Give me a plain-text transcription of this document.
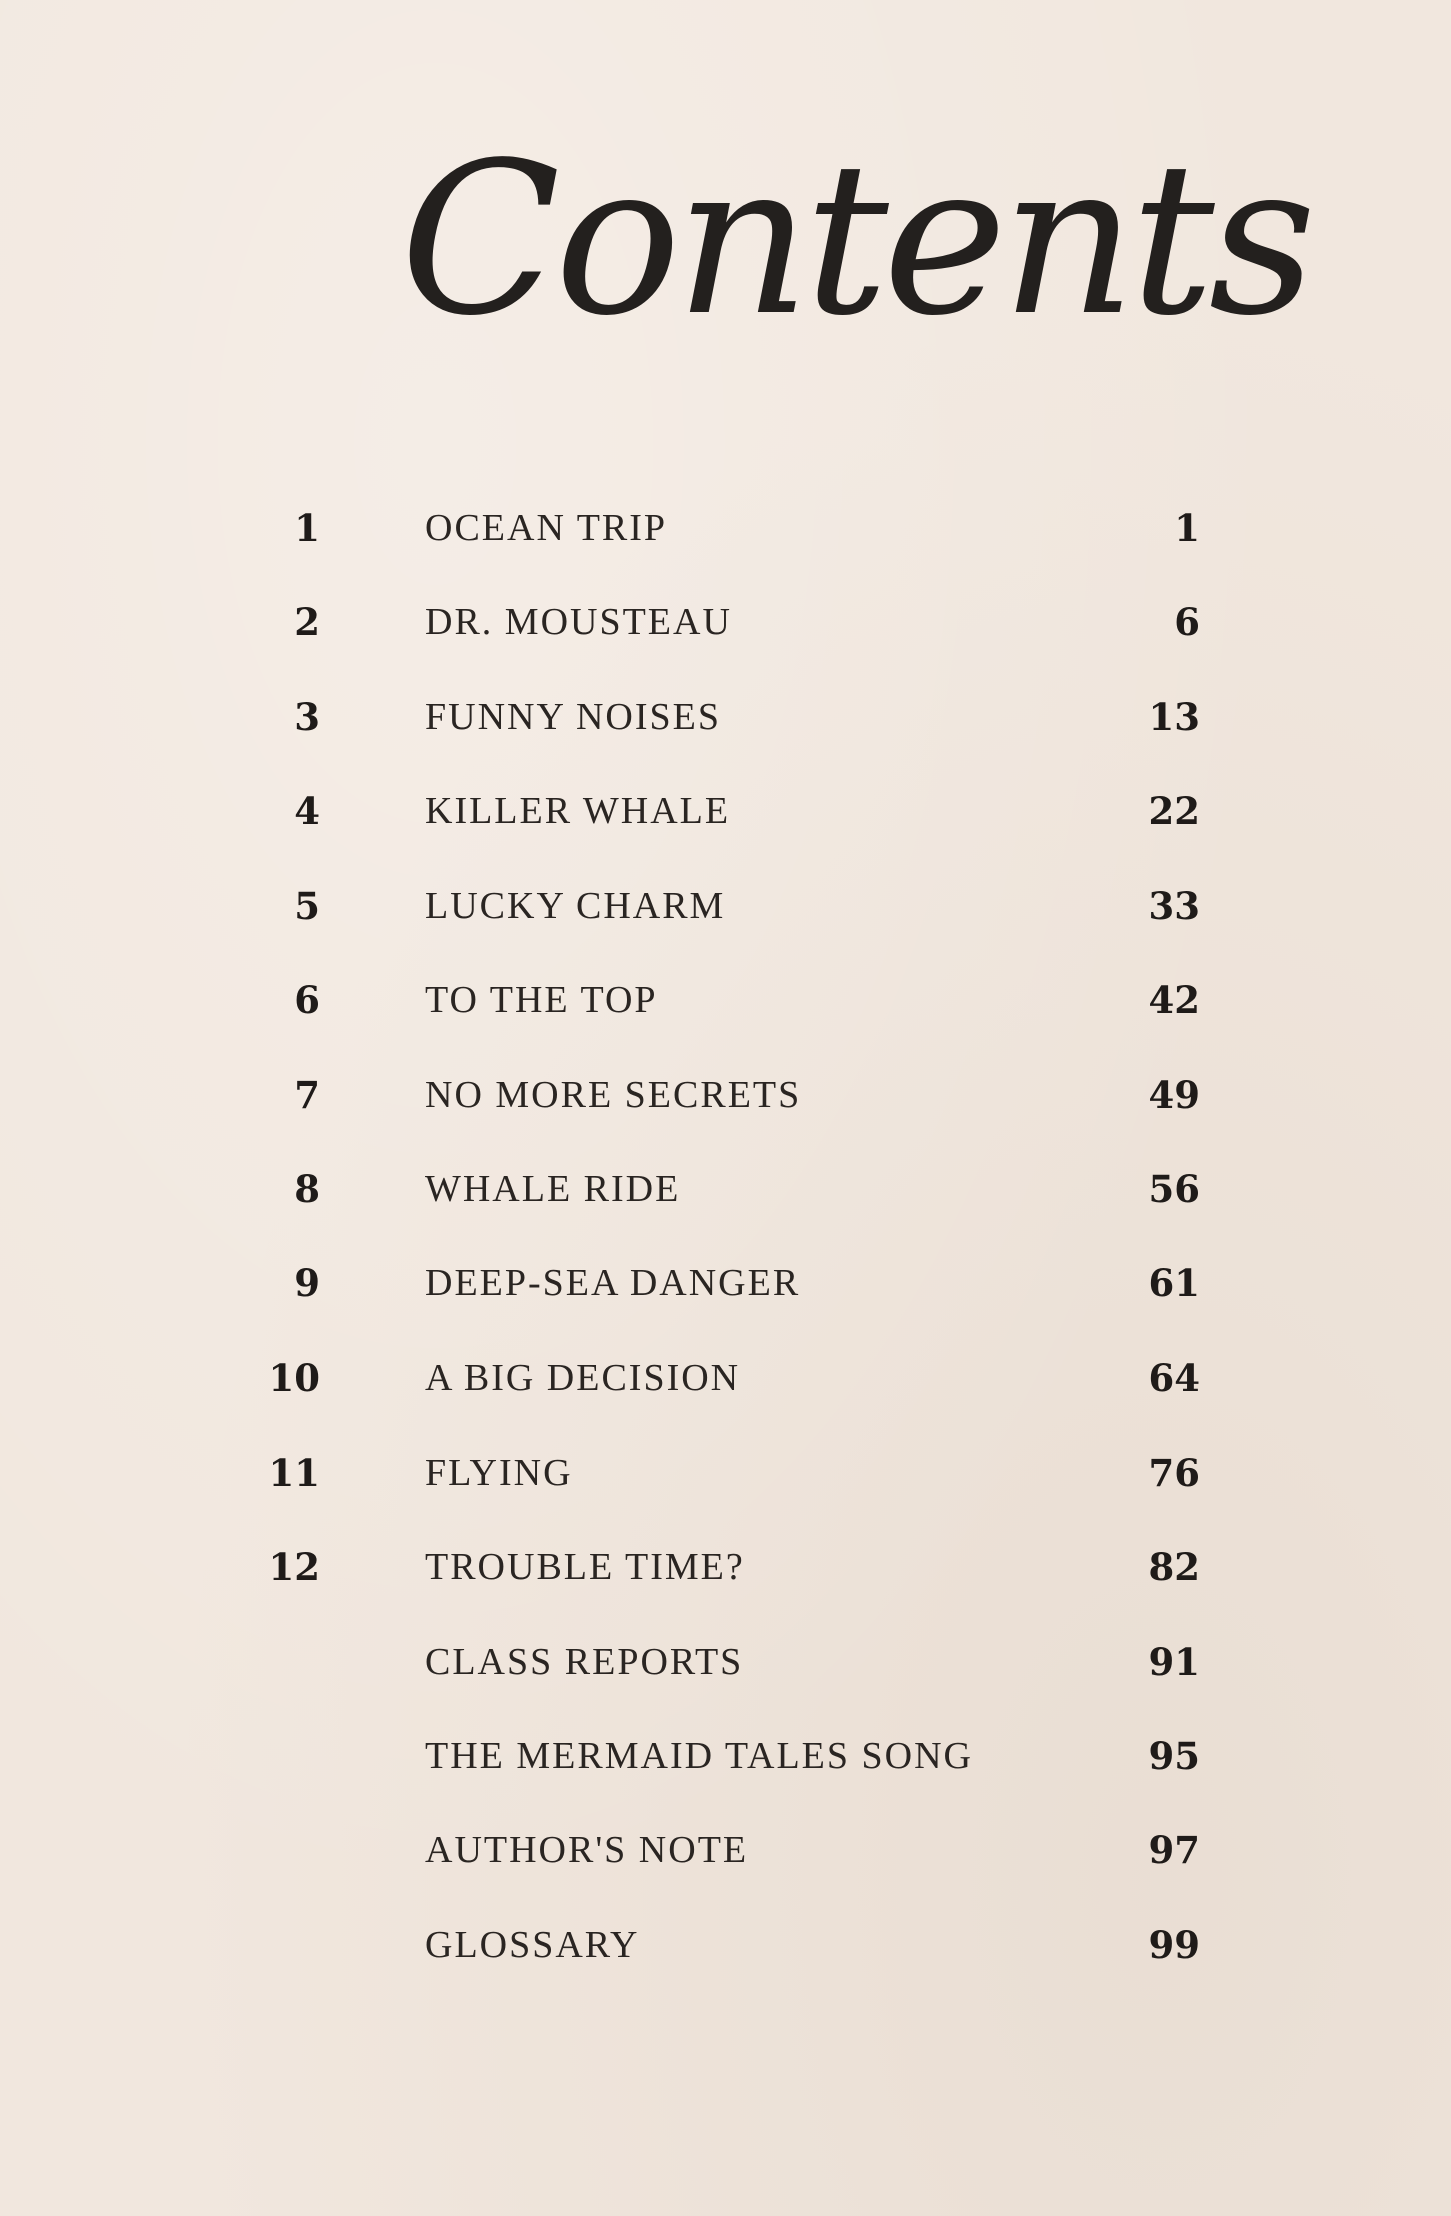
Contents
1	OCEAN TRIP	1
2	DR. MOUSTEAU	6
3	FUNNY NOISES	13
4	KILLER WHALE	22
5	LUCKY CHARM	33
6	TO THE TOP	42
7	NO MORE SECRETS	49
8	WHALE RIDE	56
9	DEEP-SEA DANGER	61
10	A BIG DECISION	64
11	FLYING	76
12	TROUBLE TIME?	82
CLASS REPORTS	91
THE MERMAID TALES SONG	95
AUTHOR'S NOTE	97
GLOSSARY	99
